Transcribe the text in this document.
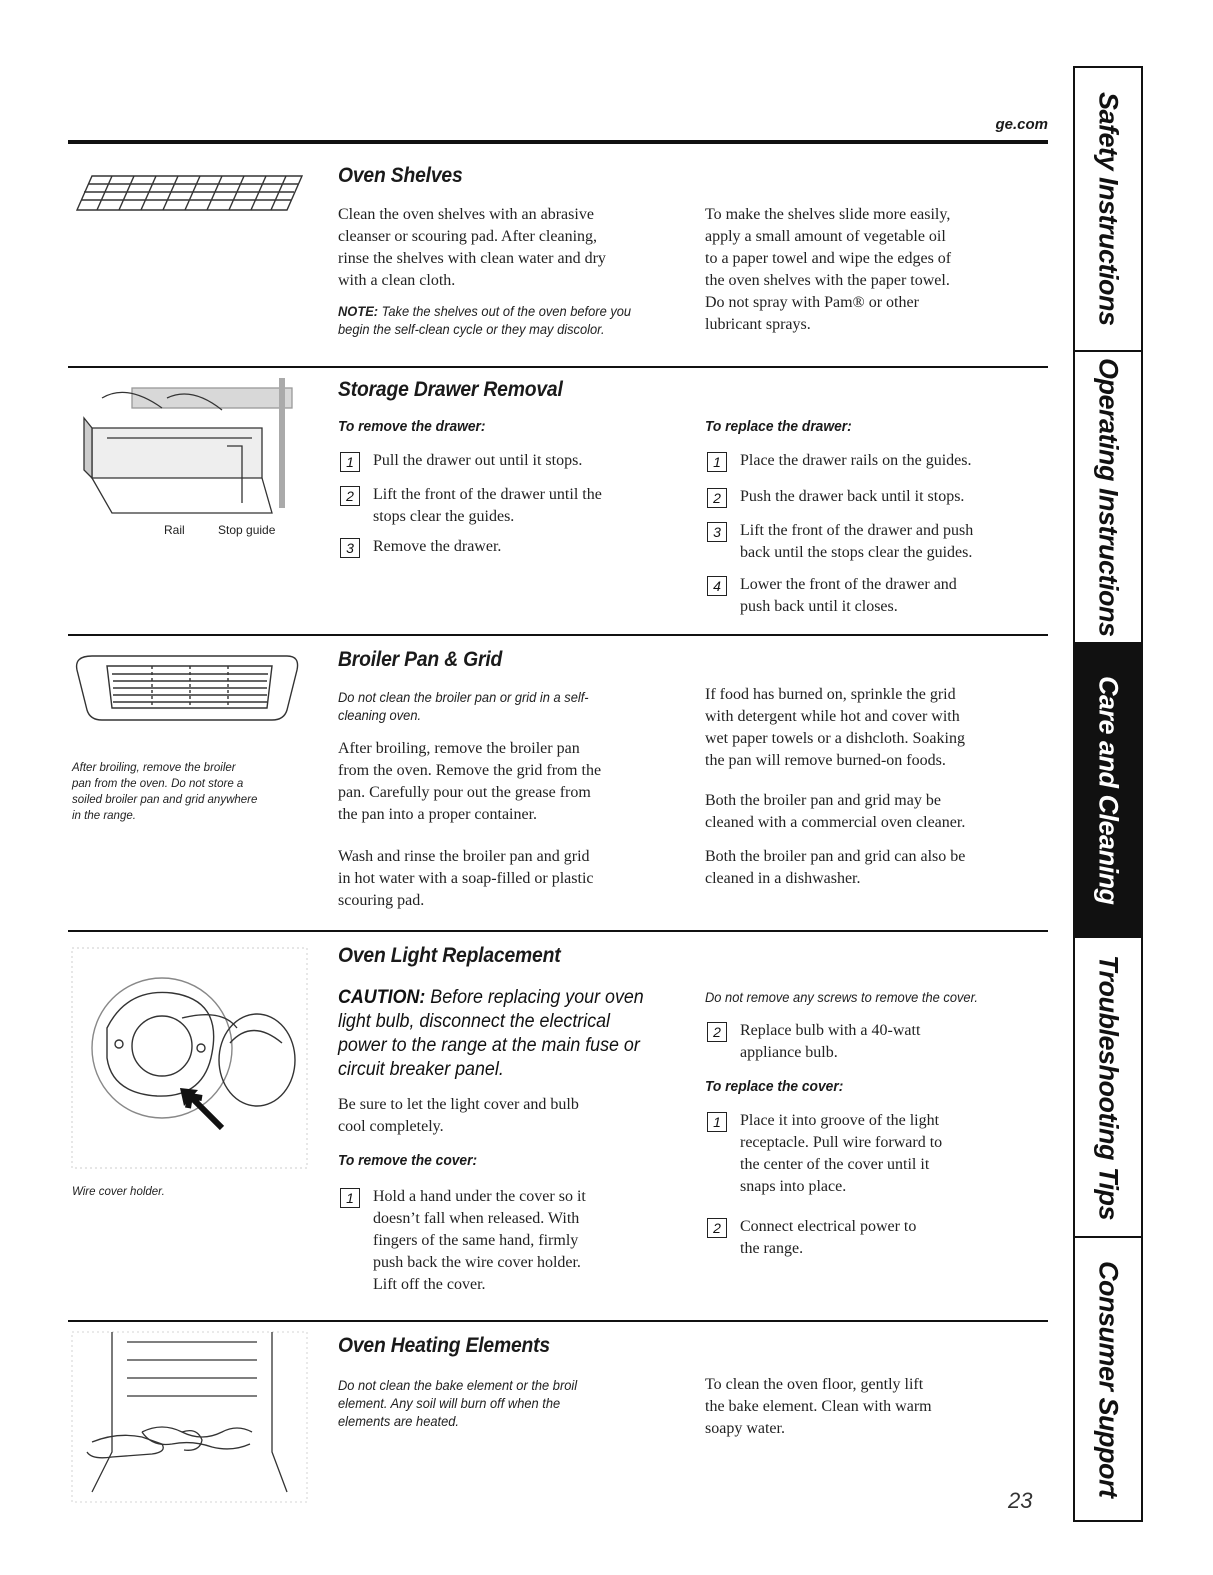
ge.com
Oven Shelves
Clean the oven shelves with an abrasive
cleanser or scouring pad. After cleaning,
rinse the shelves with clean water and dry
with a clean cloth.
NOTE: Take the shelves out of the oven before you
begin the self-clean cycle or they may discolor.
To make the shelves slide more easily,
apply a small amount of vegetable oil
to a paper towel and wipe the edges of
the oven shelves with the paper towel.
Do not spray with Pam® or other
lubricant sprays.
Rail	Stop guide
Storage Drawer Removal
To remove the drawer:
1	Pull the drawer out until it stops.
2	Lift the front of the drawer until the
stops clear the guides.
3	Remove the drawer.
To replace the drawer:
1	Place the drawer rails on the guides.
2	Push the drawer back until it stops.
3	Lift the front of the drawer and push
back until the stops clear the guides.
4	Lower the front of the drawer and
push back until it closes.
After broiling, remove the broiler
pan from the oven. Do not store a
soiled broiler pan and grid anywhere
in the range.
Broiler Pan & Grid
Do not clean the broiler pan or grid in a self-
cleaning oven.
After broiling, remove the broiler pan
from the oven. Remove the grid from the
pan. Carefully pour out the grease from
the pan into a proper container.
Wash and rinse the broiler pan and grid
in hot water with a soap-filled or plastic
scouring pad.
If food has burned on, sprinkle the grid
with detergent while hot and cover with
wet paper towels or a dishcloth. Soaking
the pan will remove burned-on foods.
Both the broiler pan and grid may be
cleaned with a commercial oven cleaner.
Both the broiler pan and grid can also be
cleaned in a dishwasher.
Wire cover holder.
Oven Light Replacement
CAUTION: Before replacing your oven
light bulb, disconnect the electrical
power to the range at the main fuse or
circuit breaker panel.
Be sure to let the light cover and bulb
cool completely.
To remove the cover:
1	Hold a hand under the cover so it
doesn’t fall when released. With
fingers of the same hand, firmly
push back the wire cover holder.
Lift off the cover.
Do not remove any screws to remove the cover.
2	Replace bulb with a 40-watt
appliance bulb.
To replace the cover:
1	Place it into groove of the light
receptacle. Pull wire forward to
the center of the cover until it
snaps into place.
2	Connect electrical power to
the range.
Oven Heating Elements
Do not clean the bake element or the broil
element. Any soil will burn off when the
elements are heated.
To clean the oven floor, gently lift
the bake element. Clean with warm
soapy water.
23
Safety Instructions
Operating Instructions
Care and Cleaning
Troubleshooting Tips
Consumer Support
